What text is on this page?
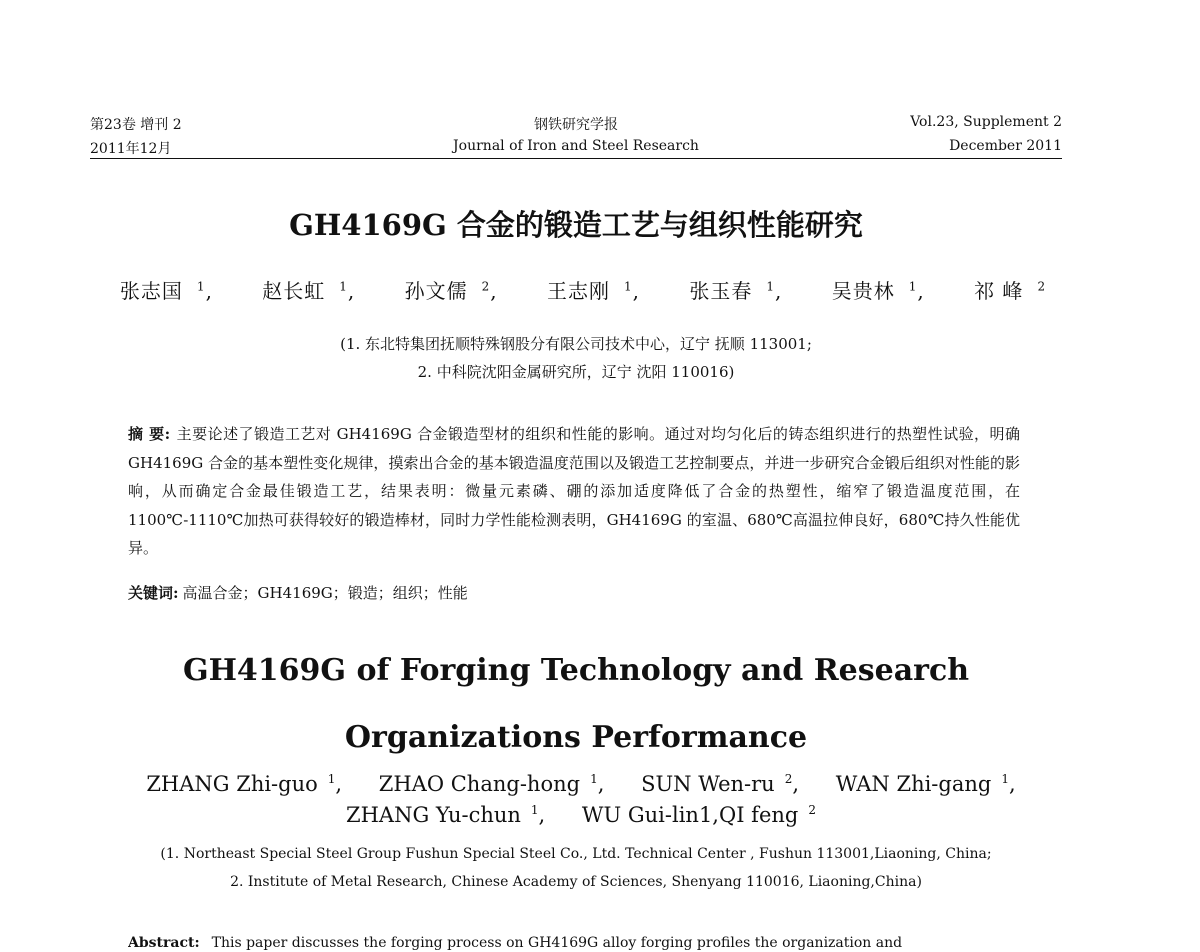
第23卷 增刊 2	钢铁研究学报	Vol.23, Supplement 2
2011年12月	Journal of Iron and Steel Research	December 2011
GH4169G 合金的锻造工艺与组织性能研究
张志国 $^1$, 赵长虹 $^1$, 孙文儒 $^2$, 王志刚 $^1$, 张玉春 $^1$, 吴贵林 $^1$, 祁 峰 $^2$
(1. 东北特集团抚顺特殊钢股分有限公司技术中心，辽宁 抚顺 113001;
2. 中科院沈阳金属研究所，辽宁 沈阳 110016)
摘 要: 主要论述了锻造工艺对 GH4169G 合金锻造型材的组织和性能的影响。通过对均匀化后的铸态组织进行的热塑性试验，明确 GH4169G 合金的基本塑性变化规律，摸索出合金的基本锻造温度范围以及锻造工艺控制要点，并进一步研究合金锻后组织对性能的影响，从而确定合金最佳锻造工艺，结果表明：微量元素磷、硼的添加适度降低了合金的热塑性，缩窄了锻造温度范围，在 1100℃-1110℃加热可获得较好的锻造棒材，同时力学性能检测表明，GH4169G 的室温、680℃高温拉伸良好，680℃持久性能优异。
关键词: 高温合金；GH4169G；锻造；组织；性能
GH4169G of Forging Technology and Research
Organizations Performance
ZHANG Zhi-guo $^1$, ZHAO Chang-hong $^1$, SUN Wen-ru $^2$, WAN Zhi-gang $^1$,
ZHANG Yu-chun $^1$, WU Gui-lin1,QI feng $^2$
(1. Northeast Special Steel Group Fushun Special Steel Co., Ltd. Technical Center , Fushun 113001,Liaoning, China;
2. Institute of Metal Research, Chinese Academy of Sciences, Shenyang 110016, Liaoning,China)
Abstract: This paper discusses the forging process on GH4169G alloy forging profiles the organization and
